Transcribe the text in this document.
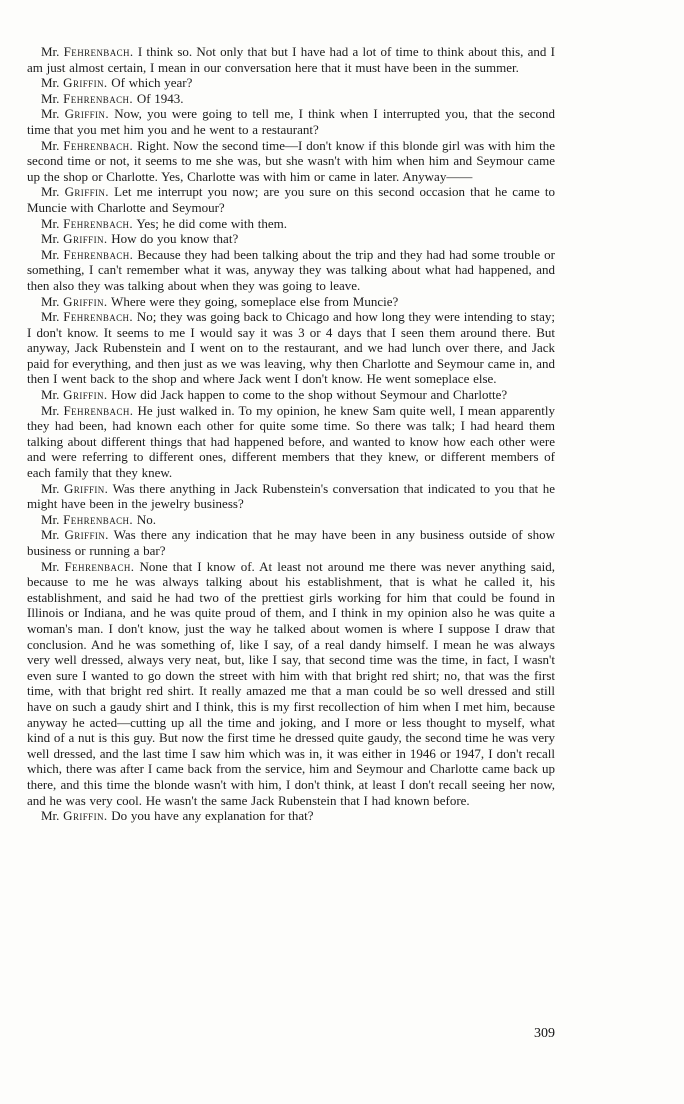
Mr. Fehrenbach. I think so. Not only that but I have had a lot of time to think about this, and I am just almost certain, I mean in our conversation here that it must have been in the summer.

Mr. Griffin. Of which year?

Mr. Fehrenbach. Of 1943.

Mr. Griffin. Now, you were going to tell me, I think when I interrupted you, that the second time that you met him you and he went to a restaurant?

Mr. Fehrenbach. Right. Now the second time—I don't know if this blonde girl was with him the second time or not, it seems to me she was, but she wasn't with him when him and Seymour came up the shop or Charlotte. Yes, Charlotte was with him or came in later. Anyway——

Mr. Griffin. Let me interrupt you now; are you sure on this second occasion that he came to Muncie with Charlotte and Seymour?

Mr. Fehrenbach. Yes; he did come with them.

Mr. Griffin. How do you know that?

Mr. Fehrenbach. Because they had been talking about the trip and they had had some trouble or something, I can't remember what it was, anyway they was talking about what had happened, and then also they was talking about when they was going to leave.

Mr. Griffin. Where were they going, someplace else from Muncie?

Mr. Fehrenbach. No; they was going back to Chicago and how long they were intending to stay; I don't know. It seems to me I would say it was 3 or 4 days that I seen them around there. But anyway, Jack Rubenstein and I went on to the restaurant, and we had lunch over there, and Jack paid for everything, and then just as we was leaving, why then Charlotte and Seymour came in, and then I went back to the shop and where Jack went I don't know. He went someplace else.

Mr. Griffin. How did Jack happen to come to the shop without Seymour and Charlotte?

Mr. Fehrenbach. He just walked in. To my opinion, he knew Sam quite well, I mean apparently they had been, had known each other for quite some time. So there was talk; I had heard them talking about different things that had happened before, and wanted to know how each other were and were referring to different ones, different members that they knew, or different members of each family that they knew.

Mr. Griffin. Was there anything in Jack Rubenstein's conversation that indicated to you that he might have been in the jewelry business?

Mr. Fehrenbach. No.

Mr. Griffin. Was there any indication that he may have been in any business outside of show business or running a bar?

Mr. Fehrenbach. None that I know of. At least not around me there was never anything said, because to me he was always talking about his establishment, that is what he called it, his establishment, and said he had two of the prettiest girls working for him that could be found in Illinois or Indiana, and he was quite proud of them, and I think in my opinion also he was quite a woman's man. I don't know, just the way he talked about women is where I suppose I draw that conclusion. And he was something of, like I say, of a real dandy himself. I mean he was always very well dressed, always very neat, but, like I say, that second time was the time, in fact, I wasn't even sure I wanted to go down the street with him with that bright red shirt; no, that was the first time, with that bright red shirt. It really amazed me that a man could be so well dressed and still have on such a gaudy shirt and I think, this is my first recollection of him when I met him, because anyway he acted—cutting up all the time and joking, and I more or less thought to myself, what kind of a nut is this guy. But now the first time he dressed quite gaudy, the second time he was very well dressed, and the last time I saw him which was in, it was either in 1946 or 1947, I don't recall which, there was after I came back from the service, him and Seymour and Charlotte came back up there, and this time the blonde wasn't with him, I don't think, at least I don't recall seeing her now, and he was very cool. He wasn't the same Jack Rubenstein that I had known before.

Mr. Griffin. Do you have any explanation for that?

309
